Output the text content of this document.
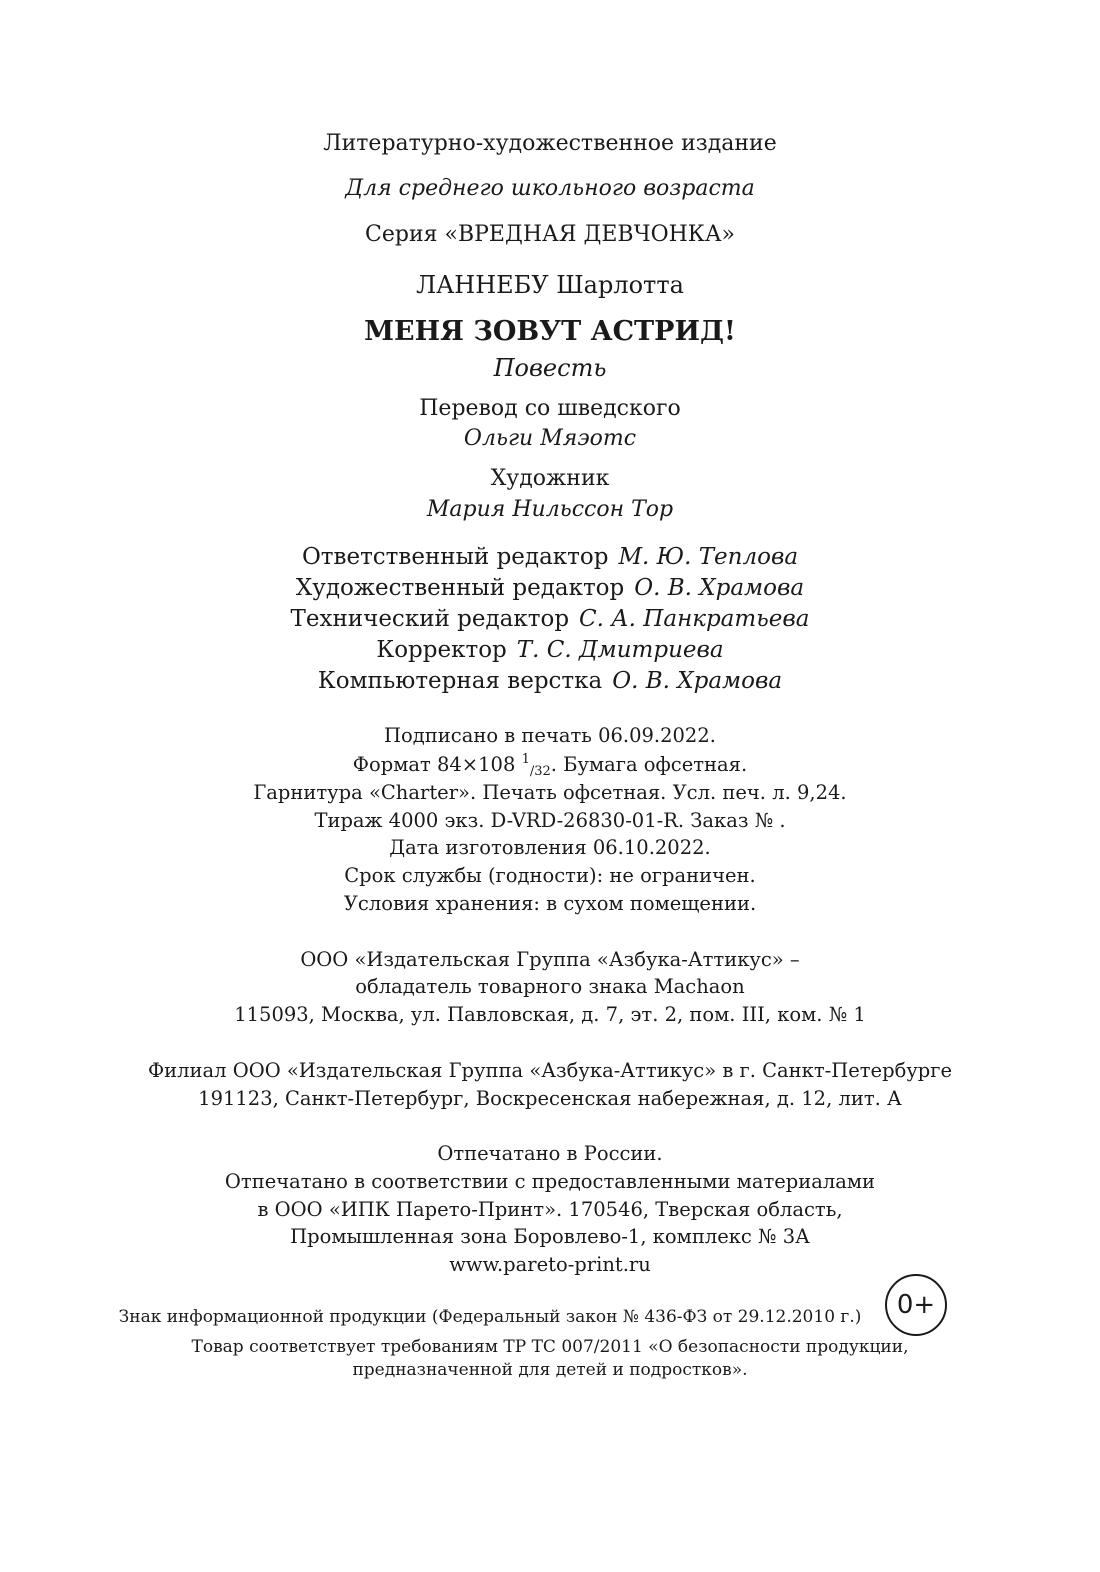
Литературно-художественное издание
Для среднего школьного возраста
Серия «ВРЕДНАЯ ДЕВЧОНКА»
ЛАННЕБУ Шарлотта
МЕНЯ ЗОВУТ АСТРИД!
Повесть
Перевод со шведского
Ольги Мяэотс
Художник
Мария Нильссон Тор
Ответственный редактор М. Ю. Теплова
Художественный редактор О. В. Храмова
Технический редактор С. А. Панкратьева
Корректор Т. С. Дмитриева
Компьютерная верстка О. В. Храмова
Подписано в печать 06.09.2022.
Формат 84×108 1/32. Бумага офсетная.
Гарнитура «Charter». Печать офсетная. Усл. печ. л. 9,24.
Тираж 4000 экз. D-VRD-26830-01-R. Заказ № .
Дата изготовления 06.10.2022.
Срок службы (годности): не ограничен.
Условия хранения: в сухом помещении.
ООО «Издательская Группа «Азбука-Аттикус» –
обладатель товарного знака Machaon
115093, Москва, ул. Павловская, д. 7, эт. 2, пом. III, ком. № 1
Филиал ООО «Издательская Группа «Азбука-Аттикус» в г. Санкт-Петербурге
191123, Санкт-Петербург, Воскресенская набережная, д. 12, лит. А
Отпечатано в России.
Отпечатано в соответствии с предоставленными материалами
в ООО «ИПК Парето-Принт». 170546, Тверская область,
Промышленная зона Боровлево-1, комплекс № 3А
www.pareto-print.ru
Знак информационной продукции (Федеральный закон № 436-ФЗ от 29.12.2010 г.)	0+
Товар соответствует требованиям ТР ТС 007/2011 «О безопасности продукции,
предназначенной для детей и подростков».
